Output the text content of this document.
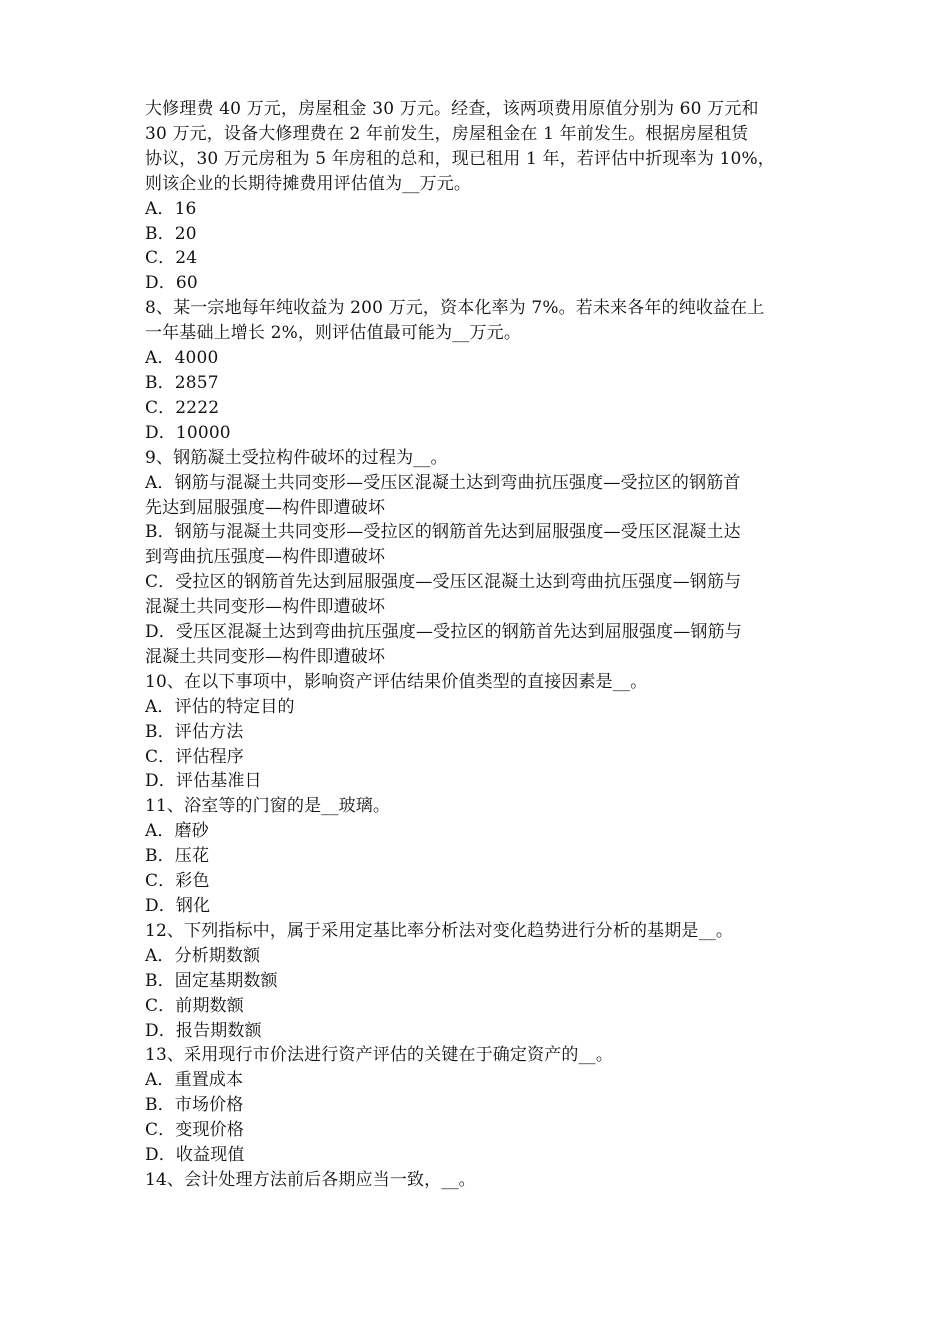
大修理费 40 万元，房屋租金 30 万元。经查，该两项费用原值分别为 60 万元和
30 万元，设备大修理费在 2 年前发生，房屋租金在 1 年前发生。根据房屋租赁
协议，30 万元房租为 5 年房租的总和，现已租用 1 年，若评估中折现率为 10%，
则该企业的长期待摊费用评估值为__万元。
A．16
B．20
C．24
D．60
8、某一宗地每年纯收益为 200 万元，资本化率为 7%。若未来各年的纯收益在上
一年基础上增长 2%，则评估值最可能为__万元。
A．4000
B．2857
C．2222
D．10000
9、钢筋凝土受拉构件破坏的过程为__。
A．钢筋与混凝土共同变形—受压区混凝土达到弯曲抗压强度—受拉区的钢筋首
先达到屈服强度—构件即遭破坏
B．钢筋与混凝土共同变形—受拉区的钢筋首先达到屈服强度—受压区混凝土达
到弯曲抗压强度—构件即遭破坏
C．受拉区的钢筋首先达到屈服强度—受压区混凝土达到弯曲抗压强度—钢筋与
混凝土共同变形—构件即遭破坏
D．受压区混凝土达到弯曲抗压强度—受拉区的钢筋首先达到屈服强度—钢筋与
混凝土共同变形—构件即遭破坏
10、在以下事项中，影响资产评估结果价值类型的直接因素是__。
A．评估的特定目的
B．评估方法
C．评估程序
D．评估基准日
11、浴室等的门窗的是__玻璃。
A．磨砂
B．压花
C．彩色
D．钢化
12、下列指标中，属于采用定基比率分析法对变化趋势进行分析的基期是__。
A．分析期数额
B．固定基期数额
C．前期数额
D．报告期数额
13、采用现行市价法进行资产评估的关键在于确定资产的__。
A．重置成本
B．市场价格
C．变现价格
D．收益现值
14、会计处理方法前后各期应当一致，__。
